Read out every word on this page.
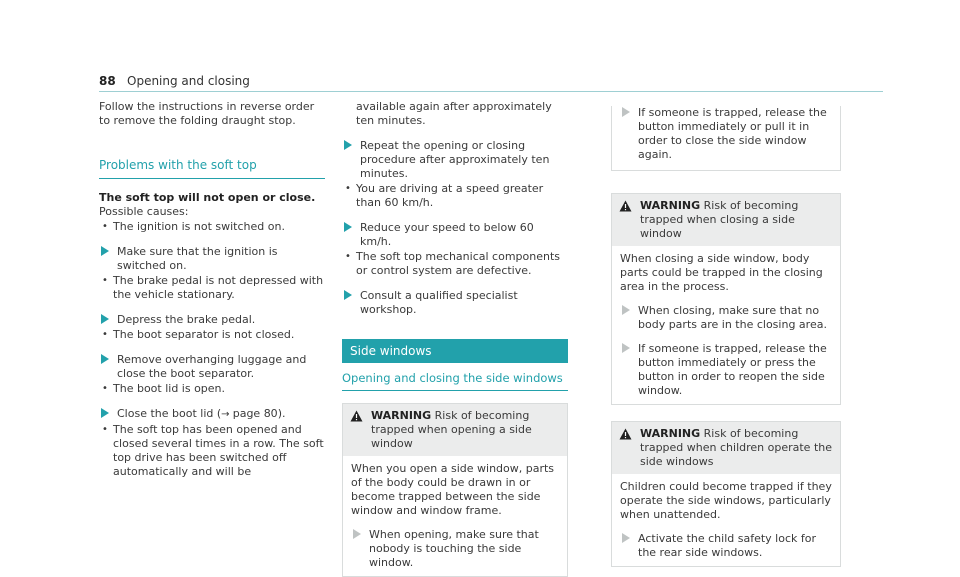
88 Opening and closing

Follow the instructions in reverse order to remove the folding draught stop.

Problems with the soft top

The soft top will not open or close.

Possible causes:

• The ignition is not switched on.
Make sure that the ignition is switched on.
• The brake pedal is not depressed with the vehicle stationary.
Depress the brake pedal.
• The boot separator is not closed.
Remove overhanging luggage and close the boot separator.
• The boot lid is open.
Close the boot lid (→ page 80).
• The soft top has been opened and closed several times in a row. The soft top drive has been switched off automatically and will be

available again after approximately ten minutes.

Repeat the opening or closing procedure after approximately ten minutes.
• You are driving at a speed greater than 60 km/h.
Reduce your speed to below 60 km/h.
• The soft top mechanical components or control system are defective.
Consult a qualified specialist workshop.
Side windows
Opening and closing the side windows
WARNING Risk of becoming trapped when opening a side window

When you open a side window, parts of the body could be drawn in or become trapped between the side window and window frame.

When opening, make sure that nobody is touching the side window.
If someone is trapped, release the button immediately or pull it in order to close the side window again.
WARNING Risk of becoming trapped when closing a side window

When closing a side window, body parts could be trapped in the closing area in the process.

When closing, make sure that no body parts are in the closing area.
If someone is trapped, release the button immediately or press the button in order to reopen the side window.
WARNING Risk of becoming trapped when children operate the side windows

Children could become trapped if they operate the side windows, particularly when unattended.

Activate the child safety lock for the rear side windows.
